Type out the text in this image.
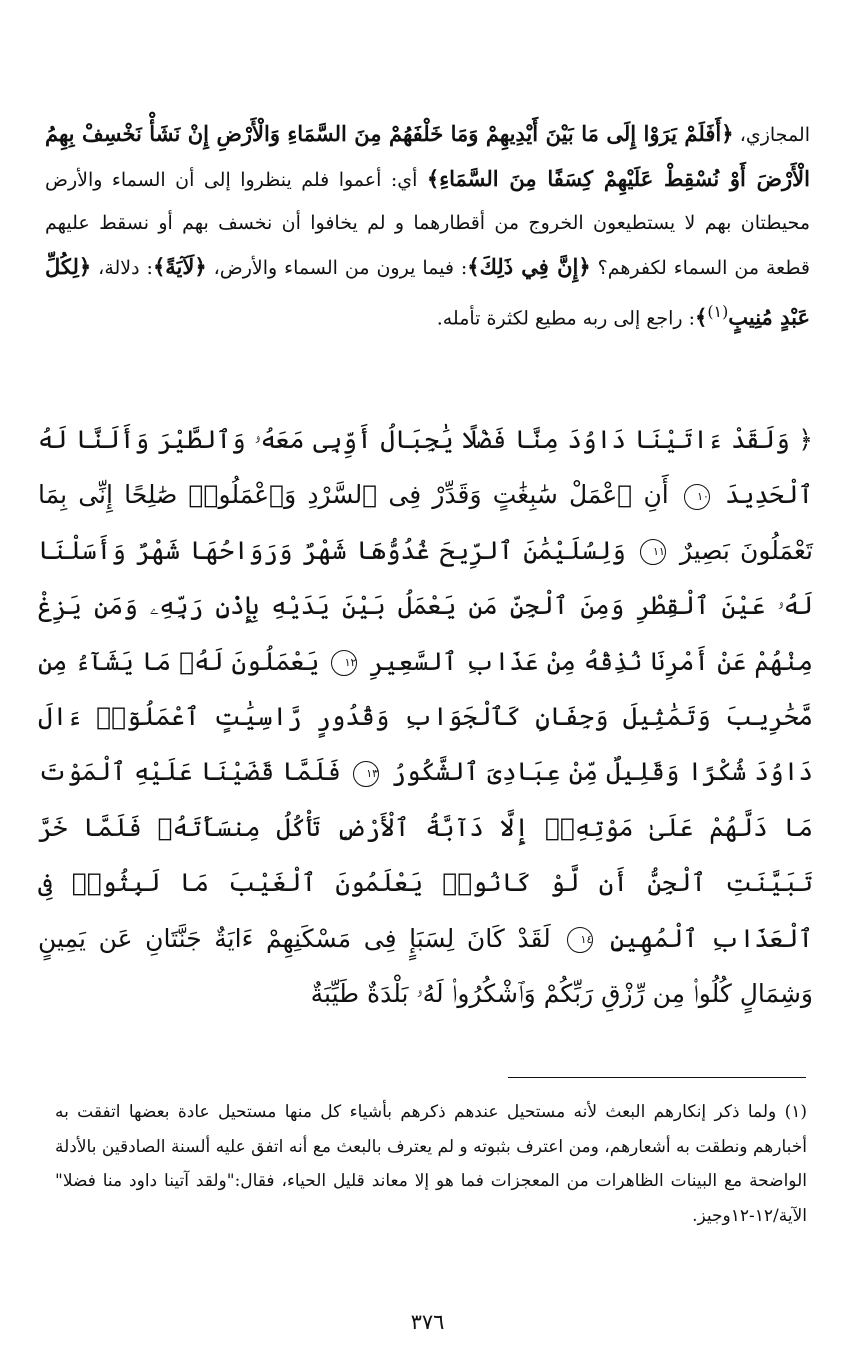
المجازي، ﴿أَفَلَمْ يَرَوْا إِلَى مَا بَيْنَ أَيْدِيهِمْ وَمَا خَلْفَهُمْ مِنَ السَّمَاءِ وَالْأَرْضِ إِنْ نَشَأْ نَخْسِفْ بِهِمُ الْأَرْضَ أَوْ نُسْقِطْ عَلَيْهِمْ كِسَفًا مِنَ السَّمَاءِ﴾ أي: أعموا فلم ينظروا إلى أن السماء والأرض محيطتان بهم لا يستطيعون الخروج من أقطارهما و لم يخافوا أن نخسف بهم أو نسقط عليهم قطعة من السماء لكفرهم؟ ﴿إِنَّ فِي ذَلِكَ﴾: فيما يرون من السماء والأرض، ﴿لَآيَةً﴾: دلالة، ﴿لِكُلِّ عَبْدٍ مُنِيبٍ$^{(١)}$﴾: راجع إلى ربه مطيع لكثرة تأمله.

﴿ وَلَقَدْ ءَاتَيْنَا دَاوُدَ مِنَّا فَضْلًا يَٰجِبَالُ أَوِّبِى مَعَهُۥ وَٱلطَّيْرَ وَأَلَنَّا لَهُ ٱلْحَدِيدَ ١٠ أَنِ ٱعْمَلْ سَٰبِغَٰتٍ وَقَدِّرْ فِى ٱلسَّرْدِ وَٱعْمَلُوا۟ صَٰلِحًا إِنِّى بِمَا تَعْمَلُونَ بَصِيرٌ ١١ وَلِسُلَيْمَٰنَ ٱلرِّيحَ غُدُوُّهَا شَهْرٌ وَرَوَاحُهَا شَهْرٌ وَأَسَلْنَا لَهُۥ عَيْنَ ٱلْقِطْرِ وَمِنَ ٱلْجِنِّ مَن يَعْمَلُ بَيْنَ يَدَيْهِ بِإِذْنِ رَبِّهِۦ وَمَن يَزِغْ مِنْهُمْ عَنْ أَمْرِنَا نُذِقْهُ مِنْ عَذَابِ ٱلسَّعِيرِ ١٢ يَعْمَلُونَ لَهُۥ مَا يَشَآءُ مِن مَّحَٰرِيبَ وَتَمَٰثِيلَ وَجِفَانٍ كَٱلْجَوَابِ وَقُدُورٍ رَّاسِيَٰتٍ ٱعْمَلُوٓا۟ ءَالَ دَاوُدَ شُكْرًا وَقَلِيلٌ مِّنْ عِبَادِىَ ٱلشَّكُورُ ١٣ فَلَمَّا قَضَيْنَا عَلَيْهِ ٱلْمَوْتَ مَا دَلَّهُمْ عَلَىٰ مَوْتِهِۦٓ إِلَّا دَآبَّةُ ٱلْأَرْضِ تَأْكُلُ مِنسَأَتَهُۥ فَلَمَّا خَرَّ تَبَيَّنَتِ ٱلْجِنُّ أَن لَّوْ كَانُوا۟ يَعْلَمُونَ ٱلْغَيْبَ مَا لَبِثُوا۟ فِى ٱلْعَذَابِ ٱلْمُهِينِ ١٤ لَقَدْ كَانَ لِسَبَإٍ فِى مَسْكَنِهِمْ ءَايَةٌ جَنَّتَانِ عَن يَمِينٍ وَشِمَالٍ كُلُوا۟ مِن رِّزْقِ رَبِّكُمْ وَٱشْكُرُوا۟ لَهُۥ بَلْدَةٌ طَيِّبَةٌ

(١) ولما ذكر إنكارهم البعث لأنه مستحيل عندهم ذكرهم بأشياء كل منها مستحيل عادة بعضها اتفقت به أخبارهم ونطقت به أشعارهم، ومن اعترف بثبوته و لم يعترف بالبعث مع أنه اتفق عليه ألسنة الصادقين بالأدلة الواضحة مع البينات الظاهرات من المعجزات فما هو إلا معاند قليل الحياء، فقال:"ولقد آتينا داود منا فضلا" الآية/١٢-١٢وجيز.

٣٧٦
